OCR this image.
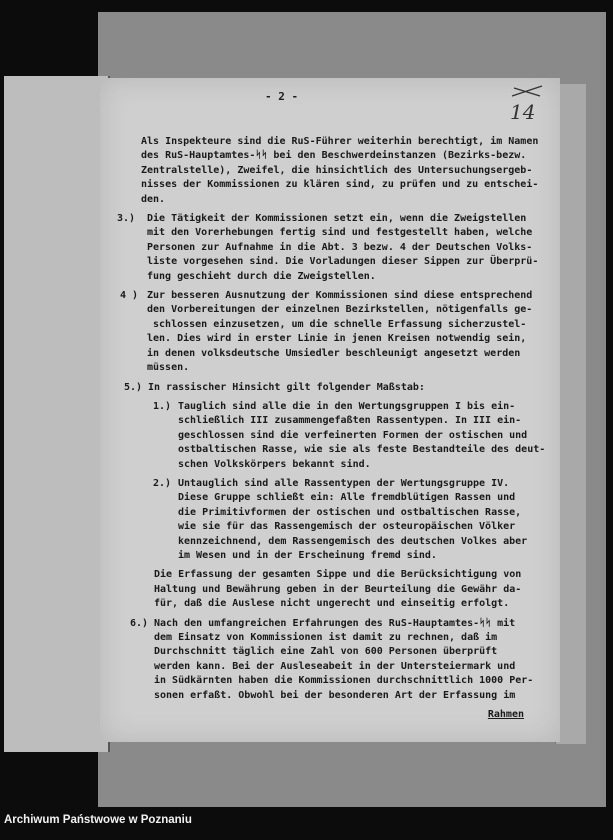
- 2 -
14
Als Inspekteure sind die RuS-Führer weiterhin berechtigt, im Namen
des RuS-Hauptamtes-ᛋᛋ bei den Beschwerdeinstanzen (Bezirks-bezw.
Zentralstelle), Zweifel, die hinsichtlich des Untersuchungsergeb-
nisses der Kommissionen zu klären sind, zu prüfen und zu entschei-
den.
3.) Die Tätigkeit der Kommissionen setzt ein, wenn die Zweigstellen
mit den Vorerhebungen fertig sind und festgestellt haben, welche
Personen zur Aufnahme in die Abt. 3 bezw. 4 der Deutschen Volks-
liste vorgesehen sind. Die Vorladungen dieser Sippen zur Überprü-
fung geschieht durch die Zweigstellen.
4 ) Zur besseren Ausnutzung der Kommissionen sind diese entsprechend
den Vorbereitungen der einzelnen Bezirkstellen, nötigenfalls ge-
schlossen einzusetzen, um die schnelle Erfassung sicherzustel-
len. Dies wird in erster Linie in jenen Kreisen notwendig sein,
in denen volksdeutsche Umsiedler beschleunigt angesetzt werden
müssen.
5.) In rassischer Hinsicht gilt folgender Maßstab:
1.) Tauglich sind alle die in den Wertungsgruppen I bis ein-
schließlich III zusammengefaßten Rassentypen. In III ein-
geschlossen sind die verfeinerten Formen der ostischen und
ostbaltischen Rasse, wie sie als feste Bestandteile des deut-
schen Volkskörpers bekannt sind.
2.) Untauglich sind alle Rassentypen der Wertungsgruppe IV.
Diese Gruppe schließt ein: Alle fremdblütigen Rassen und
die Primitivformen der ostischen und ostbaltischen Rasse,
wie sie für das Rassengemisch der osteuropäischen Völker
kennzeichnend, dem Rassengemisch des deutschen Volkes aber
im Wesen und in der Erscheinung fremd sind.
Die Erfassung der gesamten Sippe und die Berücksichtigung von
Haltung und Bewährung geben in der Beurteilung die Gewähr da-
für, daß die Auslese nicht ungerecht und einseitig erfolgt.
6.) Nach den umfangreichen Erfahrungen des RuS-Hauptamtes-ᛋᛋ mit
dem Einsatz von Kommissionen ist damit zu rechnen, daß im
Durchschnitt täglich eine Zahl von 600 Personen überprüft
werden kann. Bei der Ausleseabeit in der Untersteiermark und
in Südkärnten haben die Kommissionen durchschnittlich 1000 Per-
sonen erfaßt. Obwohl bei der besonderen Art der Erfassung im
Rahmen
Archiwum Państwowe w Poznaniu
